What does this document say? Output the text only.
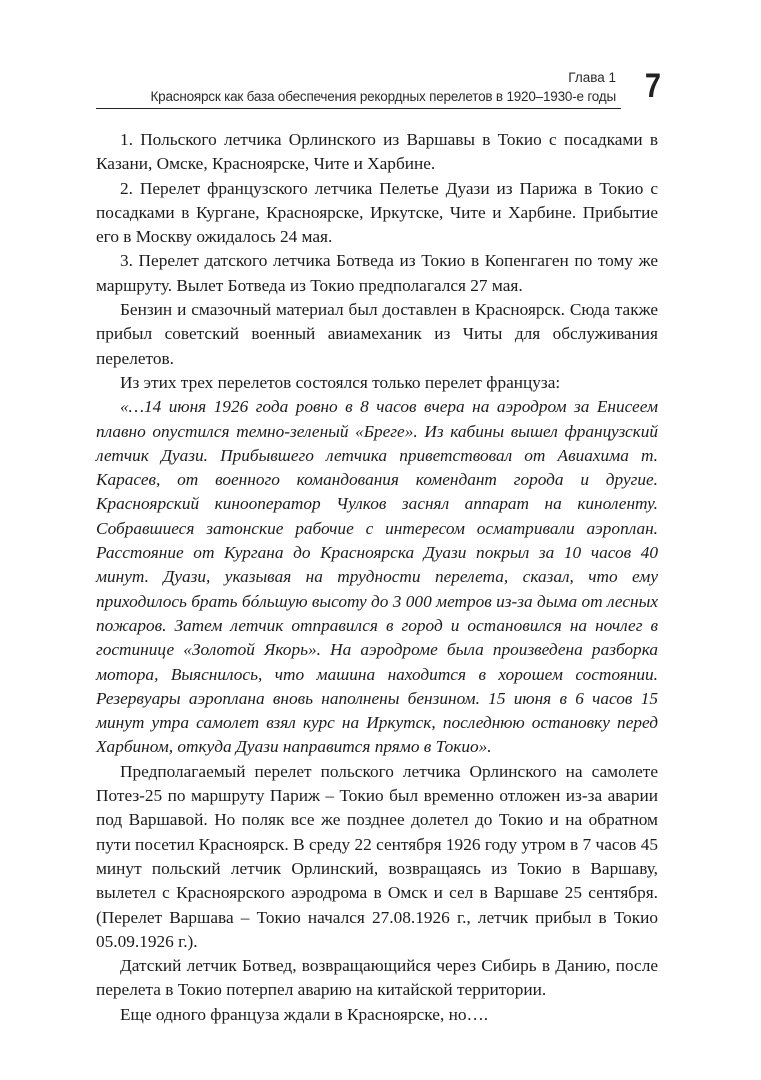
Глава 1
Красноярск как база обеспечения рекордных перелетов в 1920–1930-е годы 7

1. Польского летчика Орлинского из Варшавы в Токио с посадками в Казани, Омске, Красноярске, Чите и Харбине.

2. Перелет французского летчика Пелетье Дуази из Парижа в Токио с посадками в Кургане, Красноярске, Иркутске, Чите и Харбине. Прибытие его в Москву ожидалось 24 мая.

3. Перелет датского летчика Ботведа из Токио в Копенгаген по тому же маршруту. Вылет Ботведа из Токио предполагался 27 мая.

Бензин и смазочный материал был доставлен в Красноярск. Сюда также прибыл советский военный авиамеханик из Читы для обслуживания перелетов.

Из этих трех перелетов состоялся только перелет француза:

«…14 июня 1926 года ровно в 8 часов вчера на аэродром за Енисеем плавно опустился темно-зеленый «Бреге». Из кабины вышел французский летчик Дуази. Прибывшего летчика приветствовал от Авиахима т. Карасев, от военного командования комендант города и другие. Красноярский кинооператор Чулков заснял аппарат на киноленту. Собравшиеся затонские рабочие с интересом осматривали аэроплан. Расстояние от Кургана до Красноярска Дуази покрыл за 10 часов 40 минут. Дуази, указывая на трудности перелета, сказал, что ему приходилось брать бóльшую высоту до 3 000 метров из-за дыма от лесных пожаров. Затем летчик отправился в город и остановился на ночлег в гостинице «Золотой Якорь». На аэродроме была произведена разборка мотора, Выяснилось, что машина находится в хорошем состоянии. Резервуары аэроплана вновь наполнены бензином. 15 июня в 6 часов 15 минут утра самолет взял курс на Иркутск, последнюю остановку перед Харбином, откуда Дуази направится прямо в Токио».

Предполагаемый перелет польского летчика Орлинского на самолете Потез-25 по маршруту Париж – Токио был временно отложен из-за аварии под Варшавой. Но поляк все же позднее долетел до Токио и на обратном пути посетил Красноярск. В среду 22 сентября 1926 году утром в 7 часов 45 минут польский летчик Орлинский, возвращаясь из Токио в Варшаву, вылетел с Красноярского аэродрома в Омск и сел в Варшаве 25 сентября. (Перелет Варшава – Токио начался 27.08.1926 г., летчик прибыл в Токио 05.09.1926 г.).

Датский летчик Ботвед, возвращающийся через Сибирь в Данию, после перелета в Токио потерпел аварию на китайской территории.

Еще одного француза ждали в Красноярске, но….
